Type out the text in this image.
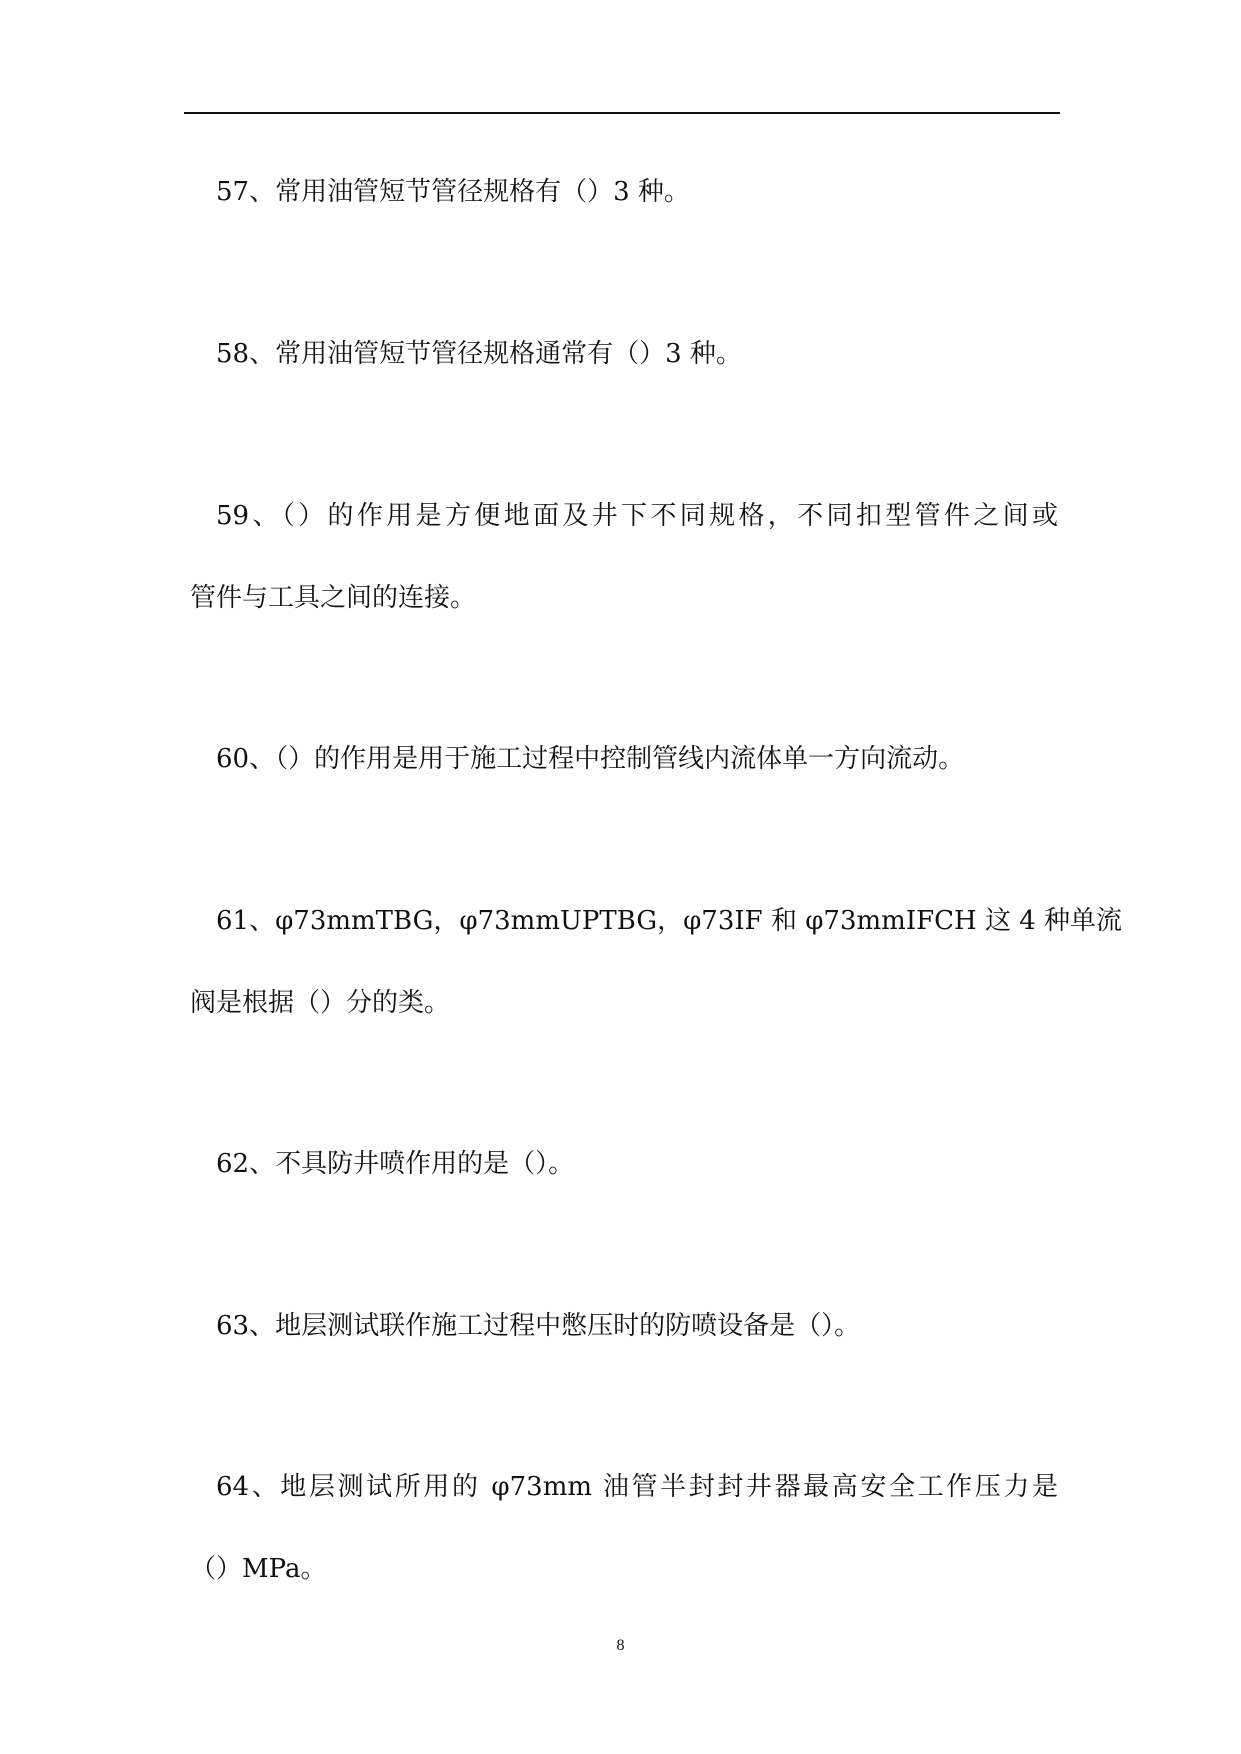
57、常用油管短节管径规格有（）3 种。
58、常用油管短节管径规格通常有（）3 种。
59、（）的作用是方便地面及井下不同规格，不同扣型管件之间或
管件与工具之间的连接。
60、（）的作用是用于施工过程中控制管线内流体单一方向流动。
61、φ73mmTBG，φ73mmUPTBG，φ73IF 和 φ73mmIFCH 这 4 种单流
阀是根据（）分的类。
62、不具防井喷作用的是（）。
63、地层测试联作施工过程中憋压时的防喷设备是（）。
64、地层测试所用的 φ73mm 油管半封封井器最高安全工作压力是
（）MPa。
8
